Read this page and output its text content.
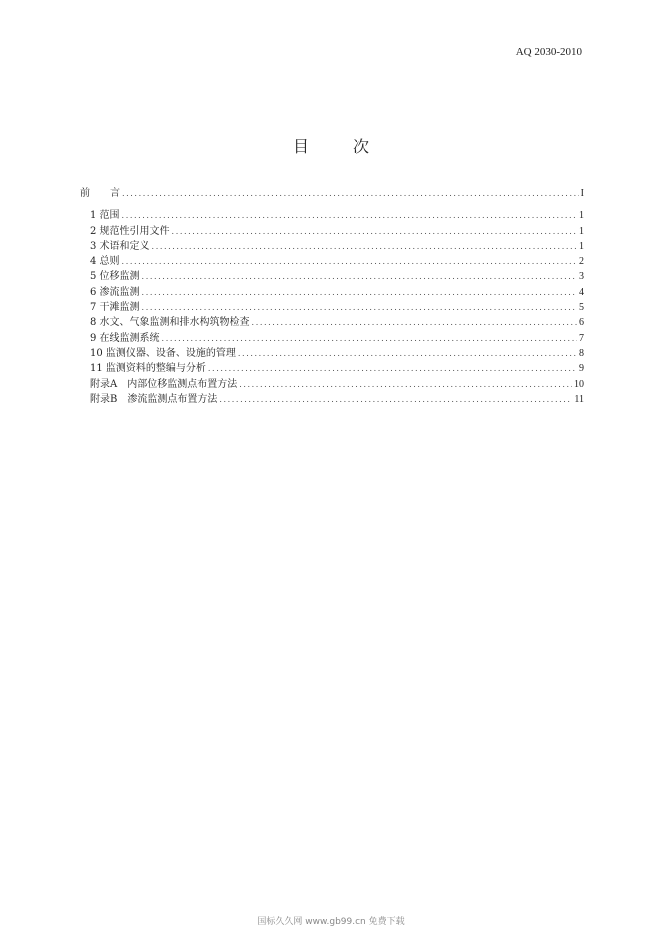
AQ 2030-2010
目	次
前　　言 .....	I
1 范围 .....	1
2 规范性引用文件 .....	1
3 术语和定义 .....	1
4 总则 .....	2
5 位移监测 .....	3
6 渗流监测 .....	4
7 干滩监测 .....	5
8 水文、气象监测和排水构筑物检查 .....	6
9 在线监测系统 .....	7
10 监测仪器、设备、设施的管理 .....	8
11 监测资料的整编与分析 .....	9
附录A　内部位移监测点布置方法 .....	10
附录B　渗流监测点布置方法 .....	11
国标久久网 www.gb99.cn 免费下载
